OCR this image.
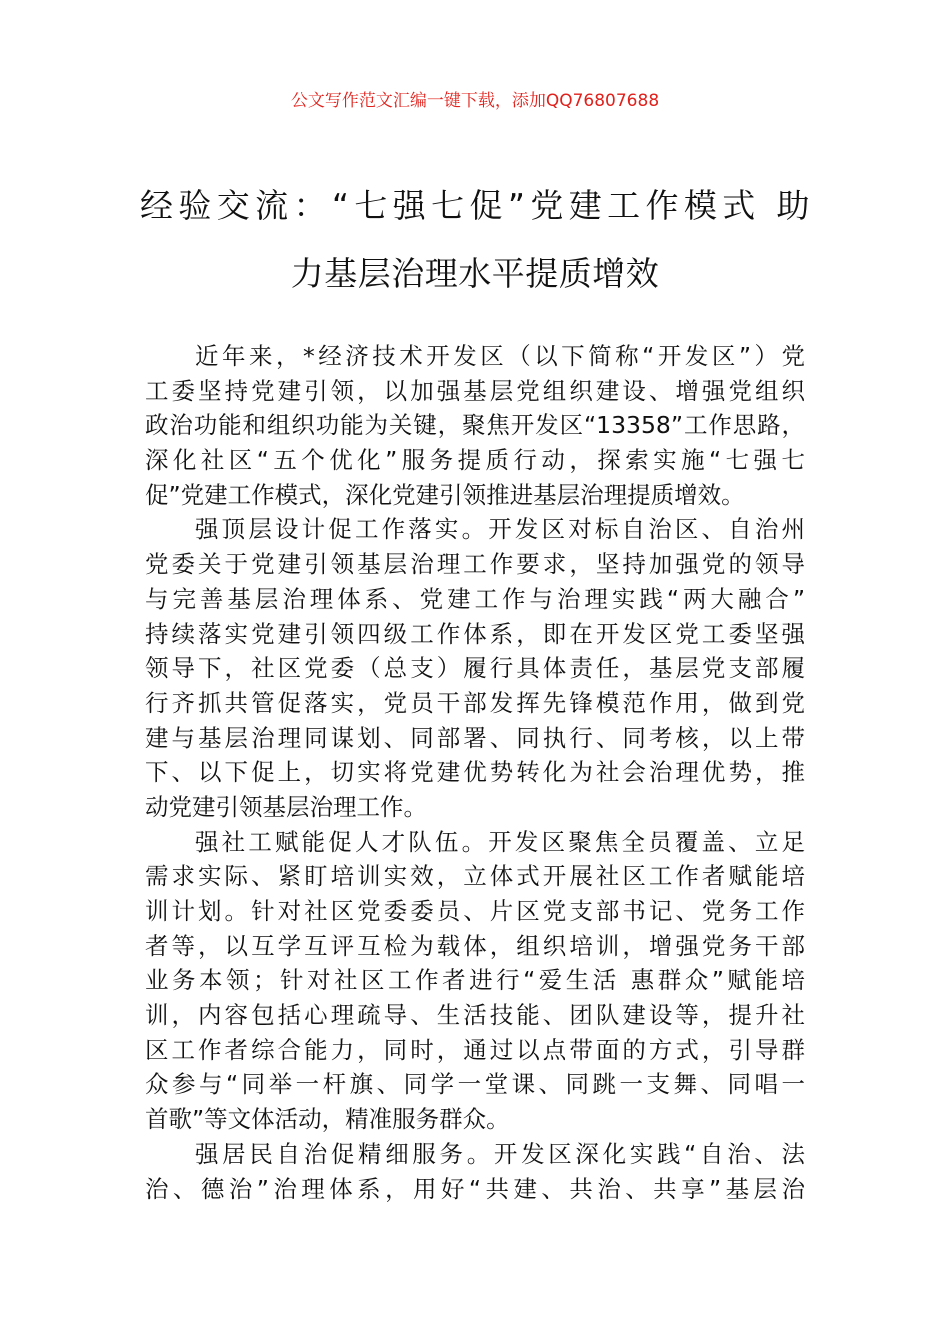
公文写作范文汇编一键下载，添加QQ76807688
经验交流：“七强七促”党建工作模式 助
力基层治理水平提质增效
近年来，*经济技术开发区（以下简称“开发区”）党
工委坚持党建引领，以加强基层党组织建设、增强党组织
政治功能和组织功能为关键，聚焦开发区“13358”工作思路，
深化社区“五个优化”服务提质行动，探索实施“七强七
促”党建工作模式，深化党建引领推进基层治理提质增效。
强顶层设计促工作落实。开发区对标自治区、自治州
党委关于党建引领基层治理工作要求，坚持加强党的领导
与完善基层治理体系、党建工作与治理实践“两大融合”
持续落实党建引领四级工作体系，即在开发区党工委坚强
领导下，社区党委（总支）履行具体责任，基层党支部履
行齐抓共管促落实，党员干部发挥先锋模范作用，做到党
建与基层治理同谋划、同部署、同执行、同考核，以上带
下、以下促上，切实将党建优势转化为社会治理优势，推
动党建引领基层治理工作。
强社工赋能促人才队伍。开发区聚焦全员覆盖、立足
需求实际、紧盯培训实效，立体式开展社区工作者赋能培
训计划。针对社区党委委员、片区党支部书记、党务工作
者等，以互学互评互检为载体，组织培训，增强党务干部
业务本领；针对社区工作者进行“爱生活 惠群众”赋能培
训，内容包括心理疏导、生活技能、团队建设等，提升社
区工作者综合能力，同时，通过以点带面的方式，引导群
众参与“同举一杆旗、同学一堂课、同跳一支舞、同唱一
首歌”等文体活动，精准服务群众。
强居民自治促精细服务。开发区深化实践“自治、法
治、德治”治理体系，用好“共建、共治、共享”基层治
